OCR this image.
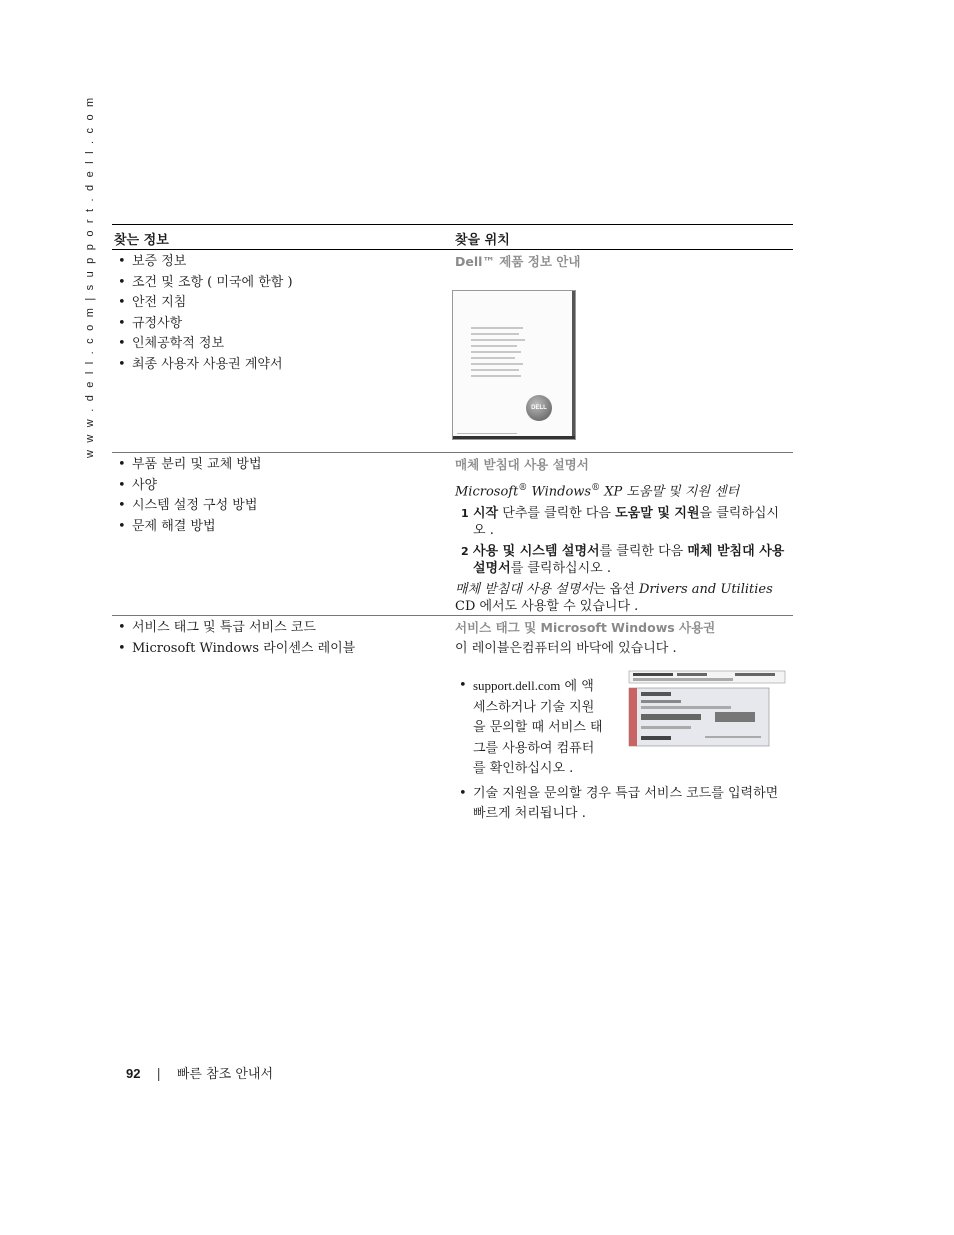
w w w . d e l l . c o m | s u p p o r t . d e l l . c o m 찾는 정보	찾을 위치
• 보증 정보
• 조건 및 조항 ( 미국에 한함 )
• 안전 지침
• 규정사항
• 인체공학적 정보
• 최종 사용자 사용권 계약서
Dell™ 제품 정보 안내
DELL
• 부품 분리 및 교체 방법
• 사양
• 시스템 설정 구성 방법
• 문제 해결 방법
매체 받침대 사용 설명서
Microsoft® Windows® XP 도움말 및 지원 센터
1 시작 단추를 클릭한 다음 도움말 및 지원을 클릭하십시오 .
2 사용 및 시스템 설명서를 클릭한 다음 매체 받침대 사용 설명서를 클릭하십시오 .
매체 받침대 사용 설명서는 옵션 Drivers and Utilities CD 에서도 사용할 수 있습니다 .
• 서비스 태그 및 특급 서비스 코드
• Microsoft Windows 라이센스 레이블
서비스 태그 및 Microsoft Windows 사용권
이 레이블은컴퓨터의 바닥에 있습니다 .
• support.dell.com 에 액세스하거나 기술 지원을 문의할 때 서비스 태그를 사용하여 컴퓨터를 확인하십시오 .
• 기술 지원을 문의할 경우 특급 서비스 코드를 입력하면 빠르게 처리됩니다 .
92 | 빠른 참조 안내서
